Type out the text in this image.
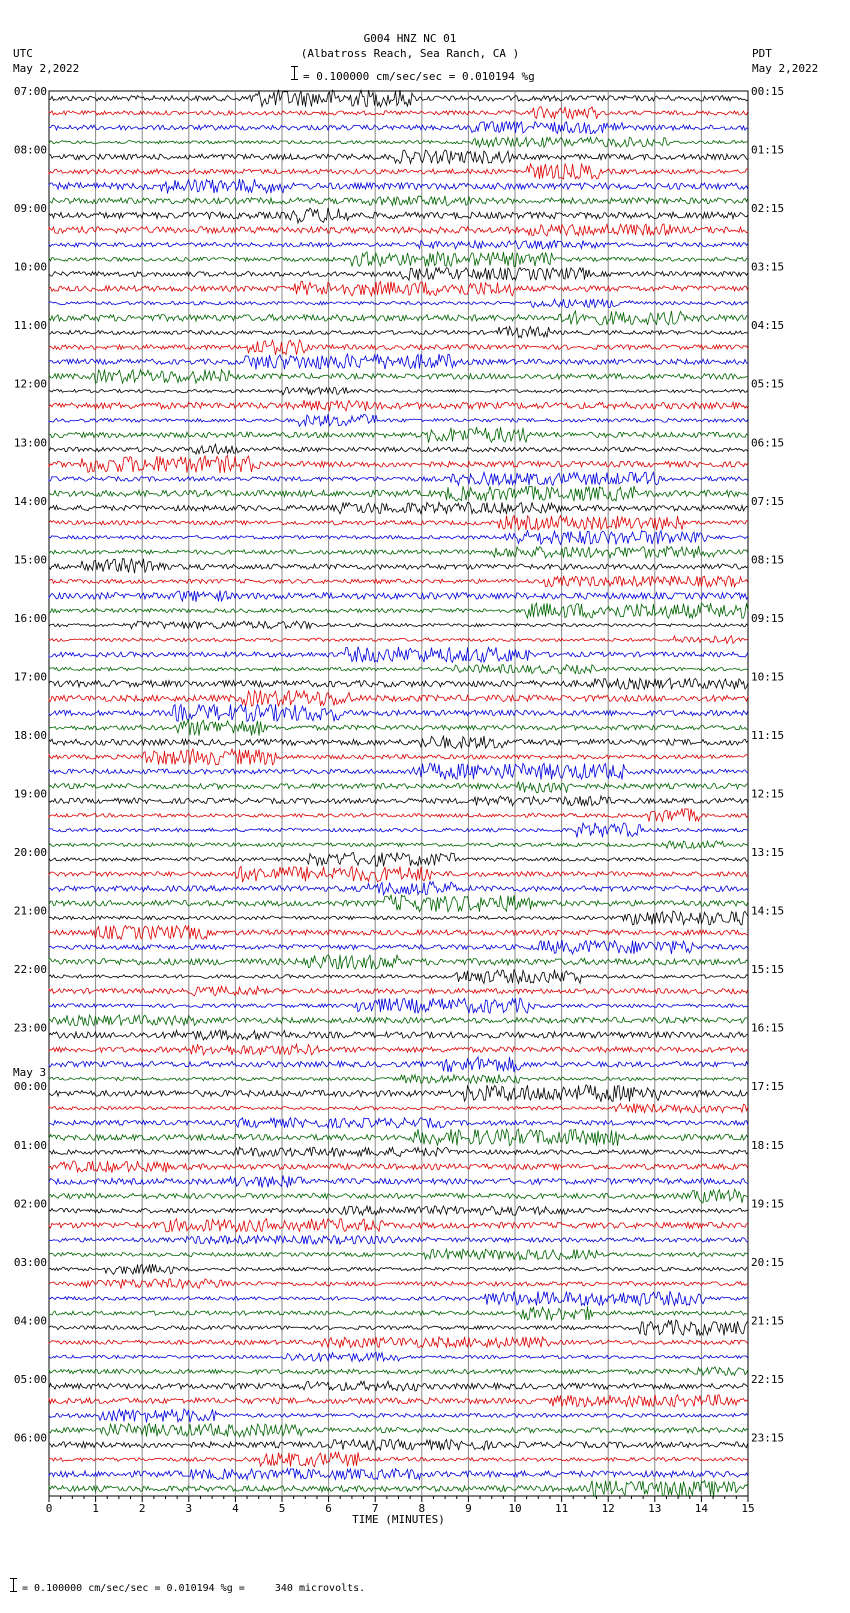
G004 HNZ NC 01
(Albatross Reach, Sea Ranch, CA )
= 0.100000 cm/sec/sec = 0.010194 %g
UTC
May 2,2022
PDT
May 2,2022
07:00
08:00
09:00
10:00
11:00
12:00
13:00
14:00
15:00
16:00
17:00
18:00
19:00
20:00
21:00
22:00
23:00
00:00
May 3
01:00
02:00
03:00
04:00
05:00
06:00
00:15
01:15
02:15
03:15
04:15
05:15
06:15
07:15
08:15
09:15
10:15
11:15
12:15
13:15
14:15
15:15
16:15
17:15
18:15
19:15
20:15
21:15
22:15
23:15
0	1	2	3	4	5	6	7	8	9	10	11	12	13	14	15
TIME (MINUTES)
= 0.100000 cm/sec/sec = 0.010194 %g =     340 microvolts.
